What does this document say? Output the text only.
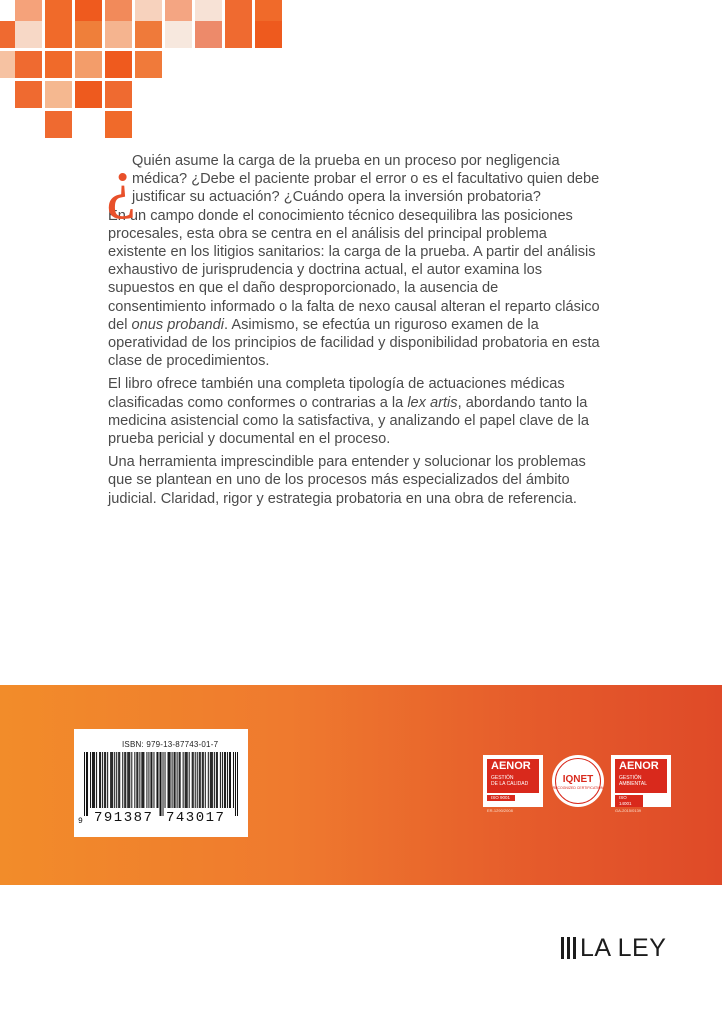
¿
Quién asume la carga de la prueba en un proceso por negligencia médica? ¿Debe el paciente probar el error o es el facultativo quien debe justificar su actuación? ¿Cuándo opera la inversión probatoria?

En un campo donde el conocimiento técnico desequilibra las posiciones procesales, esta obra se centra en el análisis del principal problema existente en los litigios sanitarios: la carga de la prueba. A partir del análisis exhaustivo de jurisprudencia y doctrina actual, el autor examina los supuestos en que el daño desproporcionado, la ausencia de consentimiento informado o la falta de nexo causal alteran el reparto clásico del onus probandi. Asimismo, se efectúa un riguroso examen de la operatividad de los principios de facilidad y disponibilidad probatoria en esta clase de procedimientos.

El libro ofrece también una completa tipología de actuaciones médicas clasificadas como conformes o contrarias a la lex artis, abordando tanto la medicina asistencial como la satisfactiva, y analizando el papel clave de la prueba pericial y documental en el proceso.

Una herramienta imprescindible para entender y solucionar los problemas que se plantean en uno de los procesos más especializados del ámbito judicial. Claridad, rigor y estrategia probatoria en una obra de referencia.

ISBN: 979-13-87743-01-7
9 791387 743017
AENOR
GESTIÓN
DE LA CALIDAD
ISO 9001
ER-1290/2008
IQNET
RECOGNIZED CERTIFICATION
AENOR
GESTIÓN
AMBIENTAL
ISO 14001
GA-2015/0139
LA LEY
